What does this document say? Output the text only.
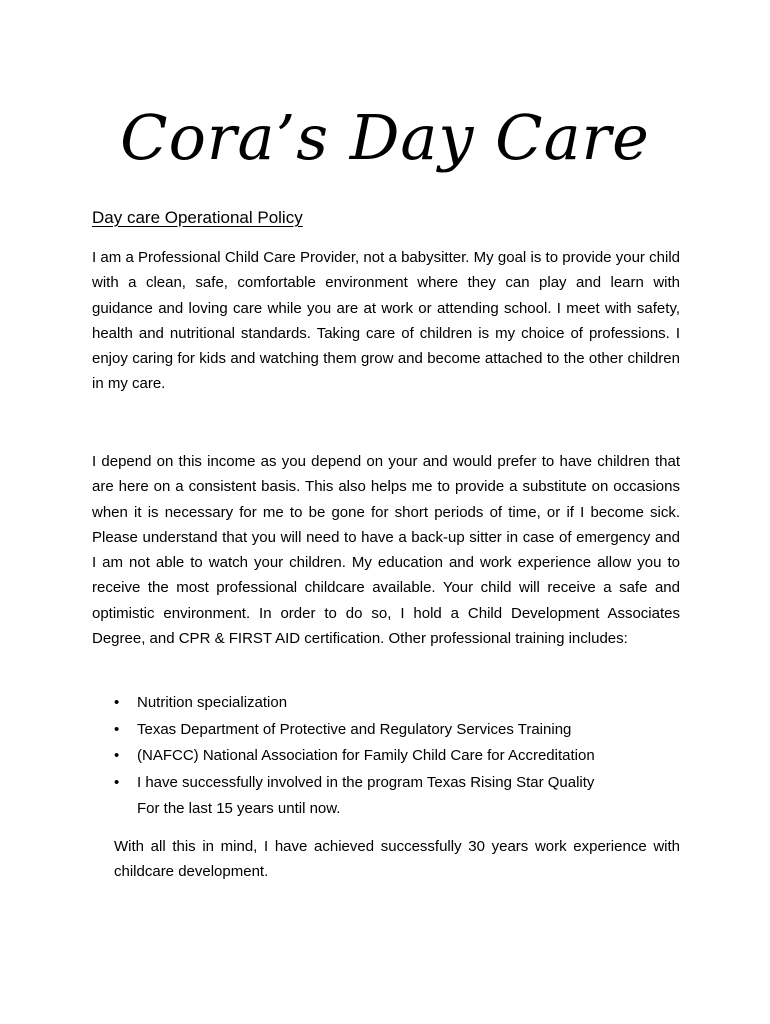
Cora’s Day Care
Day care Operational Policy

I am a Professional Child Care Provider, not a babysitter. My goal is to provide your child with a clean, safe, comfortable environment where they can play and learn with guidance and loving care while you are at work or attending school. I meet with safety, health and nutritional standards. Taking care of children is my choice of professions. I enjoy caring for kids and watching them grow and become attached to the other children in my care.

I depend on this income as you depend on your and would prefer to have children that are here on a consistent basis. This also helps me to provide a substitute on occasions when it is necessary for me to be gone for short periods of time, or if I become sick. Please understand that you will need to have a back-up sitter in case of emergency and I am not able to watch your children. My education and work experience allow you to receive the most professional childcare available. Your child will receive a safe and optimistic environment. In order to do so, I hold a Child Development Associates Degree, and CPR & FIRST AID certification. Other professional training includes:

• Nutrition specialization
• Texas Department of Protective and Regulatory Services Training
• (NAFCC) National Association for Family Child Care for Accreditation
• I have successfully involved in the program Texas Rising Star Quality
For the last 15 years until now.

With all this in mind, I have achieved successfully 30 years work experience with childcare development.
